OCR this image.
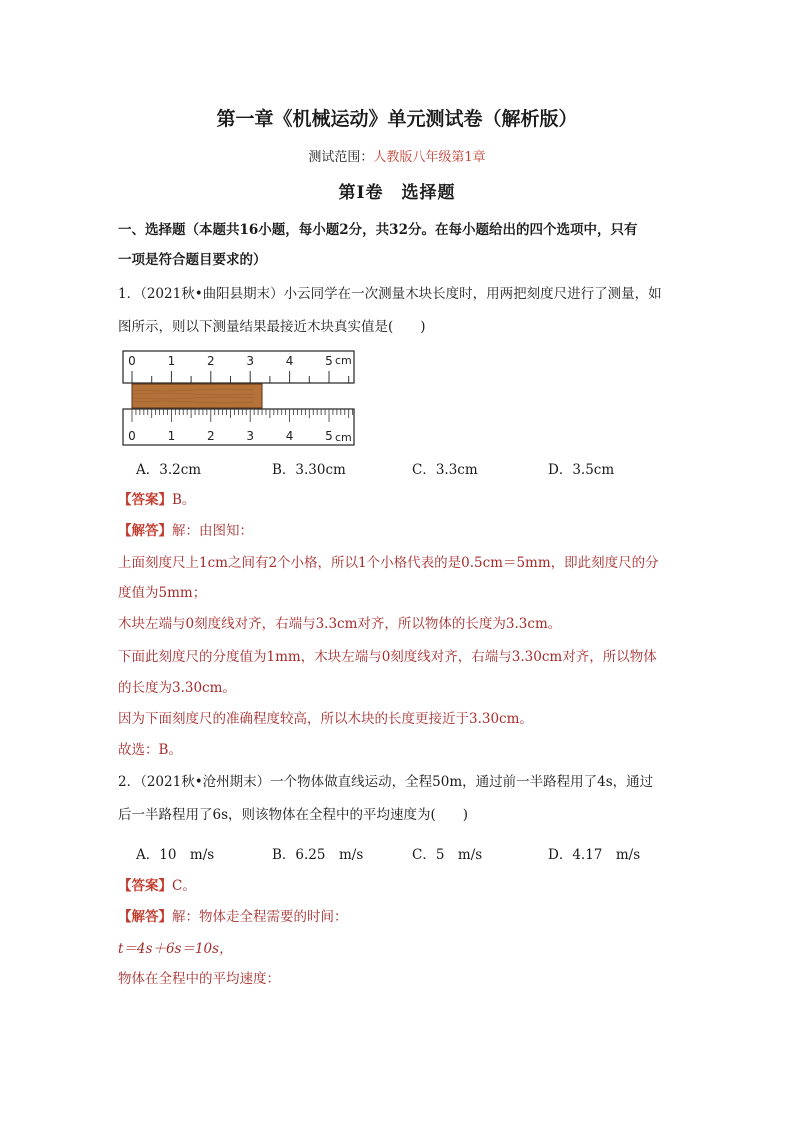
第一章《机械运动》单元测试卷（解析版）
测试范围：人教版八年级第1章
第Ⅰ卷　选择题
一、选择题（本题共16小题，每小题2分，共32分。在每小题给出的四个选项中，只有
一项是符合题目要求的）
1．（2021秋•曲阳县期末）小云同学在一次测量木块长度时，用两把刻度尺进行了测量，如
图所示，则以下测量结果最接近木块真实值是(　　)
0	1	2	3	4	5 cm
0	1	2	3	4	5 cm
A．3.2cm	B．3.30cm	C．3.3cm	D．3.5cm
【答案】B。
【解答】解：由图知：
上面刻度尺上1cm之间有2个小格，所以1个小格代表的是0.5cm＝5mm，即此刻度尺的分
度值为5mm；
木块左端与0刻度线对齐，右端与3.3cm对齐，所以物体的长度为3.3cm。
下面此刻度尺的分度值为1mm，木块左端与0刻度线对齐，右端与3.30cm对齐，所以物体
的长度为3.30cm。
因为下面刻度尺的准确程度较高，所以木块的长度更接近于3.30cm。
故选：B。
2．（2021秋•沧州期末）一个物体做直线运动，全程50m，通过前一半路程用了4s，通过
后一半路程用了6s，则该物体在全程中的平均速度为(　　)
A．10　m/s	B．6.25　m/s	C．5　m/s	D．4.17　m/s
【答案】C。
【解答】解：物体走全程需要的时间：
t＝4s＋6s＝10s，
物体在全程中的平均速度：
